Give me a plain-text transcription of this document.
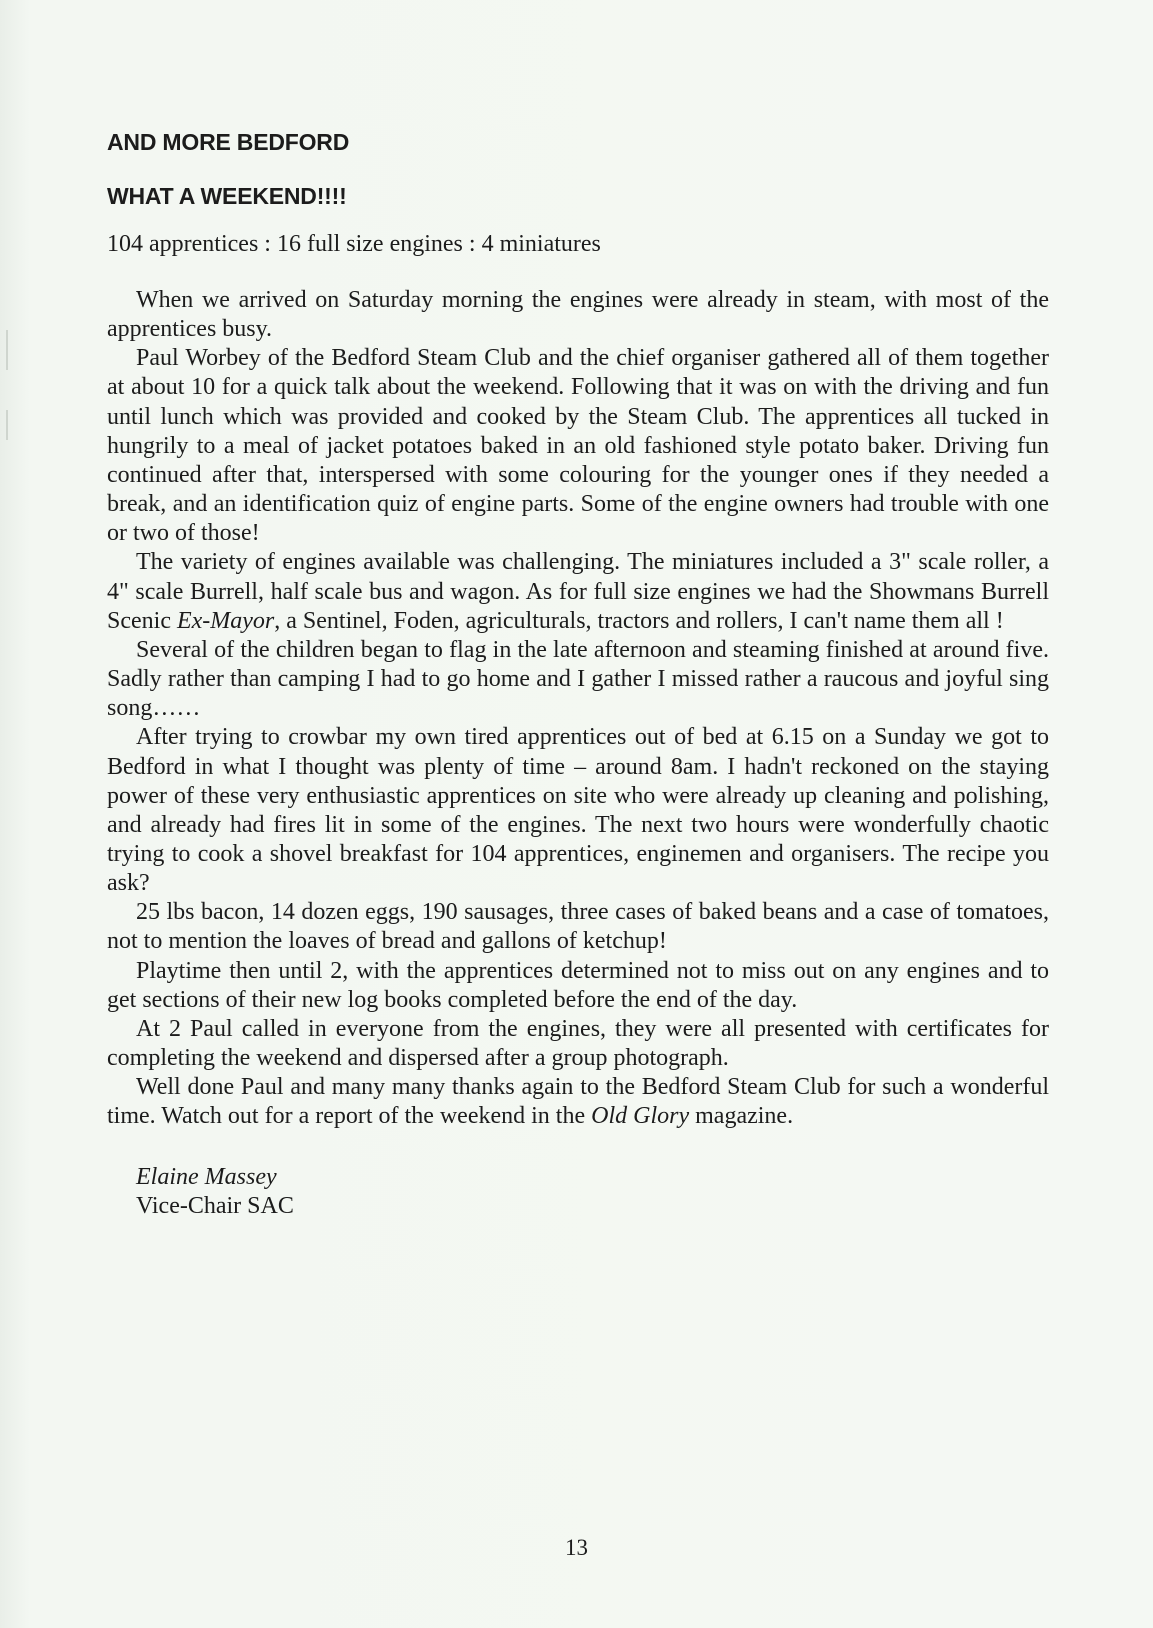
AND MORE BEDFORD
WHAT A WEEKEND!!!!
104 apprentices : 16 full size engines : 4 miniatures

When we arrived on Saturday morning the engines were already in steam, with most of the apprentices busy.

Paul Worbey of the Bedford Steam Club and the chief organiser gathered all of them together at about 10 for a quick talk about the weekend. Following that it was on with the driving and fun until lunch which was provided and cooked by the Steam Club. The apprentices all tucked in hungrily to a meal of jacket potatoes baked in an old fashioned style potato baker. Driving fun continued after that, interspersed with some colouring for the younger ones if they needed a break, and an identification quiz of engine parts. Some of the engine owners had trouble with one or two of those!

The variety of engines available was challenging. The miniatures included a 3" scale roller, a 4" scale Burrell, half scale bus and wagon. As for full size engines we had the Showmans Burrell Scenic Ex-Mayor, a Sentinel, Foden, agriculturals, tractors and rollers, I can't name them all !

Several of the children began to flag in the late afternoon and steaming finished at around five. Sadly rather than camping I had to go home and I gather I missed rather a raucous and joyful sing song……

After trying to crowbar my own tired apprentices out of bed at 6.15 on a Sunday we got to Bedford in what I thought was plenty of time – around 8am. I hadn't reckoned on the staying power of these very enthusiastic apprentices on site who were already up cleaning and polishing, and already had fires lit in some of the engines. The next two hours were wonderfully chaotic trying to cook a shovel breakfast for 104 apprentices, enginemen and organisers. The recipe you ask?

25 lbs bacon, 14 dozen eggs, 190 sausages, three cases of baked beans and a case of tomatoes, not to mention the loaves of bread and gallons of ketchup!

Playtime then until 2, with the apprentices determined not to miss out on any engines and to get sections of their new log books completed before the end of the day.

At 2 Paul called in everyone from the engines, they were all presented with certificates for completing the weekend and dispersed after a group photograph.

Well done Paul and many many thanks again to the Bedford Steam Club for such a wonderful time. Watch out for a report of the weekend in the Old Glory magazine.

Elaine Massey
Vice-Chair SAC
13
